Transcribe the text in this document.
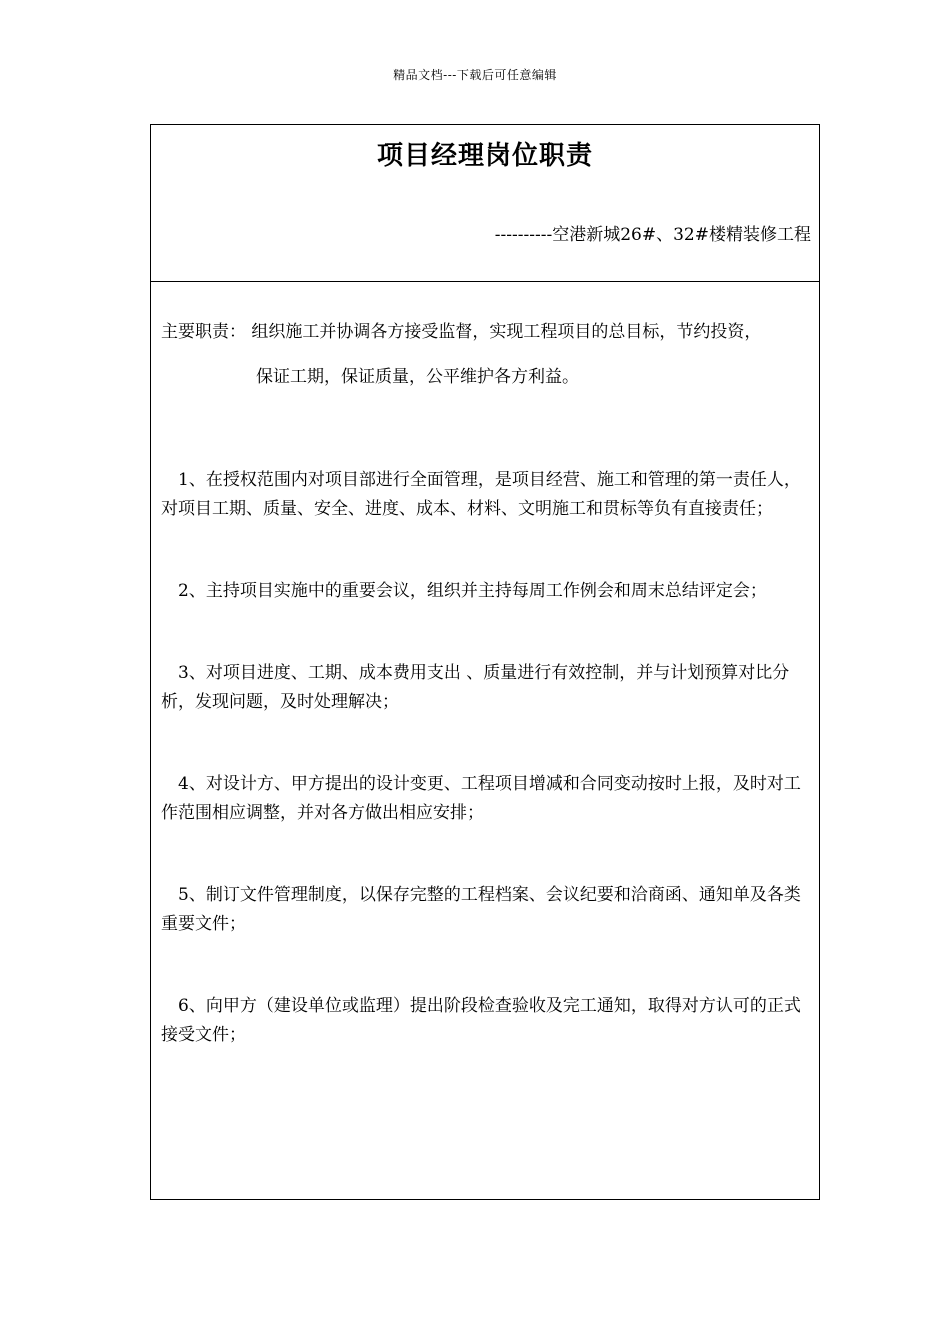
精品文档---下载后可任意编辑
项目经理岗位职责
----------空港新城26#、32#楼精装修工程

主要职责： 组织施工并协调各方接受监督，实现工程项目的总目标，节约投资，

保证工期，保证质量，公平维护各方利益。

1、在授权范围内对项目部进行全面管理，是项目经营、施工和管理的第一责任人，对项目工期、质量、安全、进度、成本、材料、文明施工和贯标等负有直接责任；

2、主持项目实施中的重要会议，组织并主持每周工作例会和周末总结评定会；

3、对项目进度、工期、成本费用支出 、质量进行有效控制，并与计划预算对比分析，发现问题，及时处理解决；

4、对设计方、甲方提出的设计变更、工程项目增减和合同变动按时上报，及时对工作范围相应调整，并对各方做出相应安排；

5、制订文件管理制度，以保存完整的工程档案、会议纪要和洽商函、通知单及各类重要文件；

6、向甲方（建设单位或监理）提出阶段检查验收及完工通知，取得对方认可的正式接受文件；
